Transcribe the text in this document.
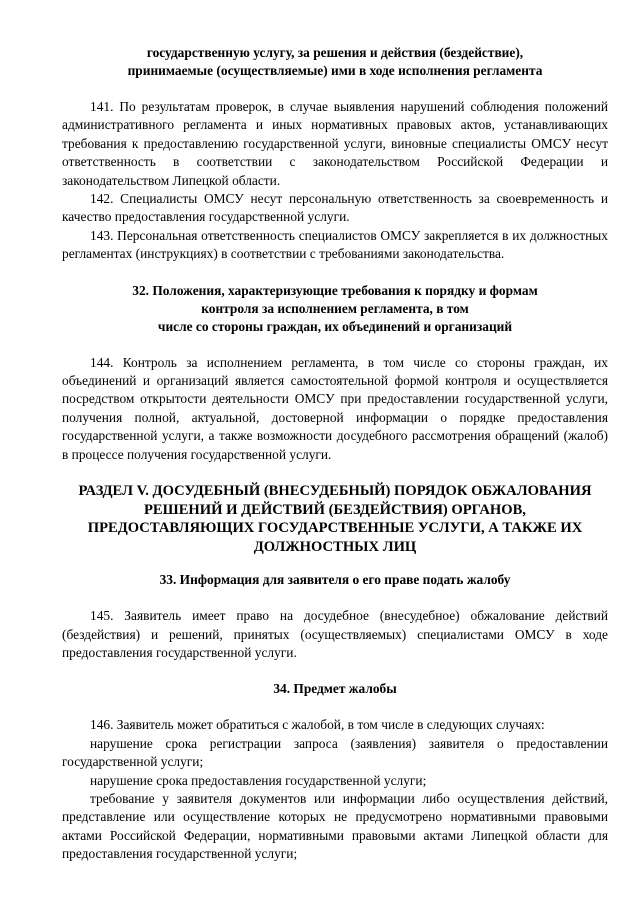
государственную услугу, за решения и действия (бездействие),

принимаемые (осуществляемые) ими в ходе исполнения регламента

141. По результатам проверок, в случае выявления нарушений соблюдения положений административного регламента и иных нормативных правовых актов, устанавливающих требования к предоставлению государственной услуги, виновные специалисты ОМСУ несут ответственность в соответствии с законодательством Российской Федерации и законодательством Липецкой области.

142. Специалисты ОМСУ несут персональную ответственность за своевременность и качество предоставления государственной услуги.

143. Персональная ответственность специалистов ОМСУ закрепляется в их должностных регламентах (инструкциях) в соответствии с требованиями законодательства.

32. Положения, характеризующие требования к порядку и формам

контроля за исполнением регламента, в том

числе со стороны граждан, их объединений и организаций

144. Контроль за исполнением регламента, в том числе со стороны граждан, их объединений и организаций является самостоятельной формой контроля и осуществляется посредством открытости деятельности ОМСУ при предоставлении государственной услуги, получения полной, актуальной, достоверной информации о порядке предоставления государственной услуги, а также возможности досудебного рассмотрения обращений (жалоб) в процессе получения государственной услуги.

РАЗДЕЛ V. ДОСУДЕБНЫЙ (ВНЕСУДЕБНЫЙ) ПОРЯДОК ОБЖАЛОВАНИЯ

РЕШЕНИЙ И ДЕЙСТВИЙ (БЕЗДЕЙСТВИЯ) ОРГАНОВ,

ПРЕДОСТАВЛЯЮЩИХ ГОСУДАРСТВЕННЫЕ УСЛУГИ, А ТАКЖЕ ИХ

ДОЛЖНОСТНЫХ ЛИЦ

33. Информация для заявителя о его праве подать жалобу

145. Заявитель имеет право на досудебное (внесудебное) обжалование действий (бездействия) и решений, принятых (осуществляемых) специалистами ОМСУ в ходе предоставления государственной услуги.

34. Предмет жалобы

146. Заявитель может обратиться с жалобой, в том числе в следующих случаях:

нарушение срока регистрации запроса (заявления) заявителя о предоставлении государственной услуги;

нарушение срока предоставления государственной услуги;

требование у заявителя документов или информации либо осуществления действий, представление или осуществление которых не предусмотрено нормативными правовыми актами Российской Федерации, нормативными правовыми актами Липецкой области для предоставления государственной услуги;
